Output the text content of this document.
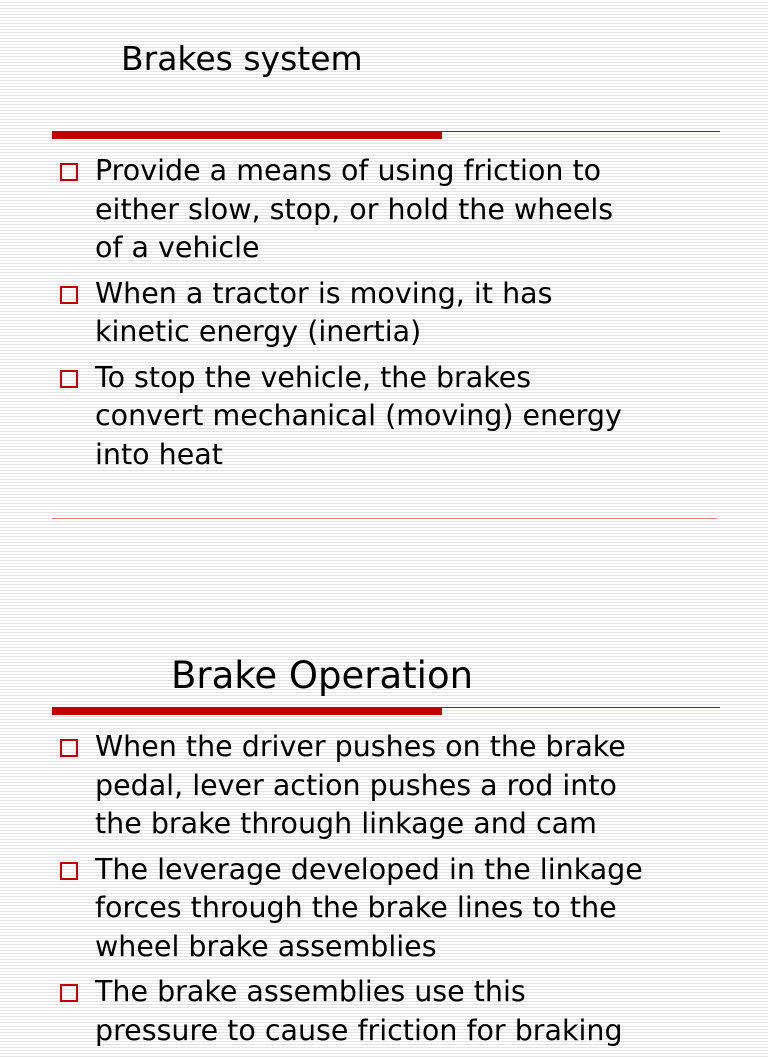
Brakes system
Provide a means of using friction to
either slow, stop, or hold the wheels
of a vehicle
When a tractor is moving, it has
kinetic energy (inertia)
To stop the vehicle, the brakes
convert mechanical (moving) energy
into heat
Brake Operation
When the driver pushes on the brake
pedal, lever action pushes a rod into
the brake through linkage and cam
The leverage developed in the linkage
forces through the brake lines to the
wheel brake assemblies
The brake assemblies use this
pressure to cause friction for braking
